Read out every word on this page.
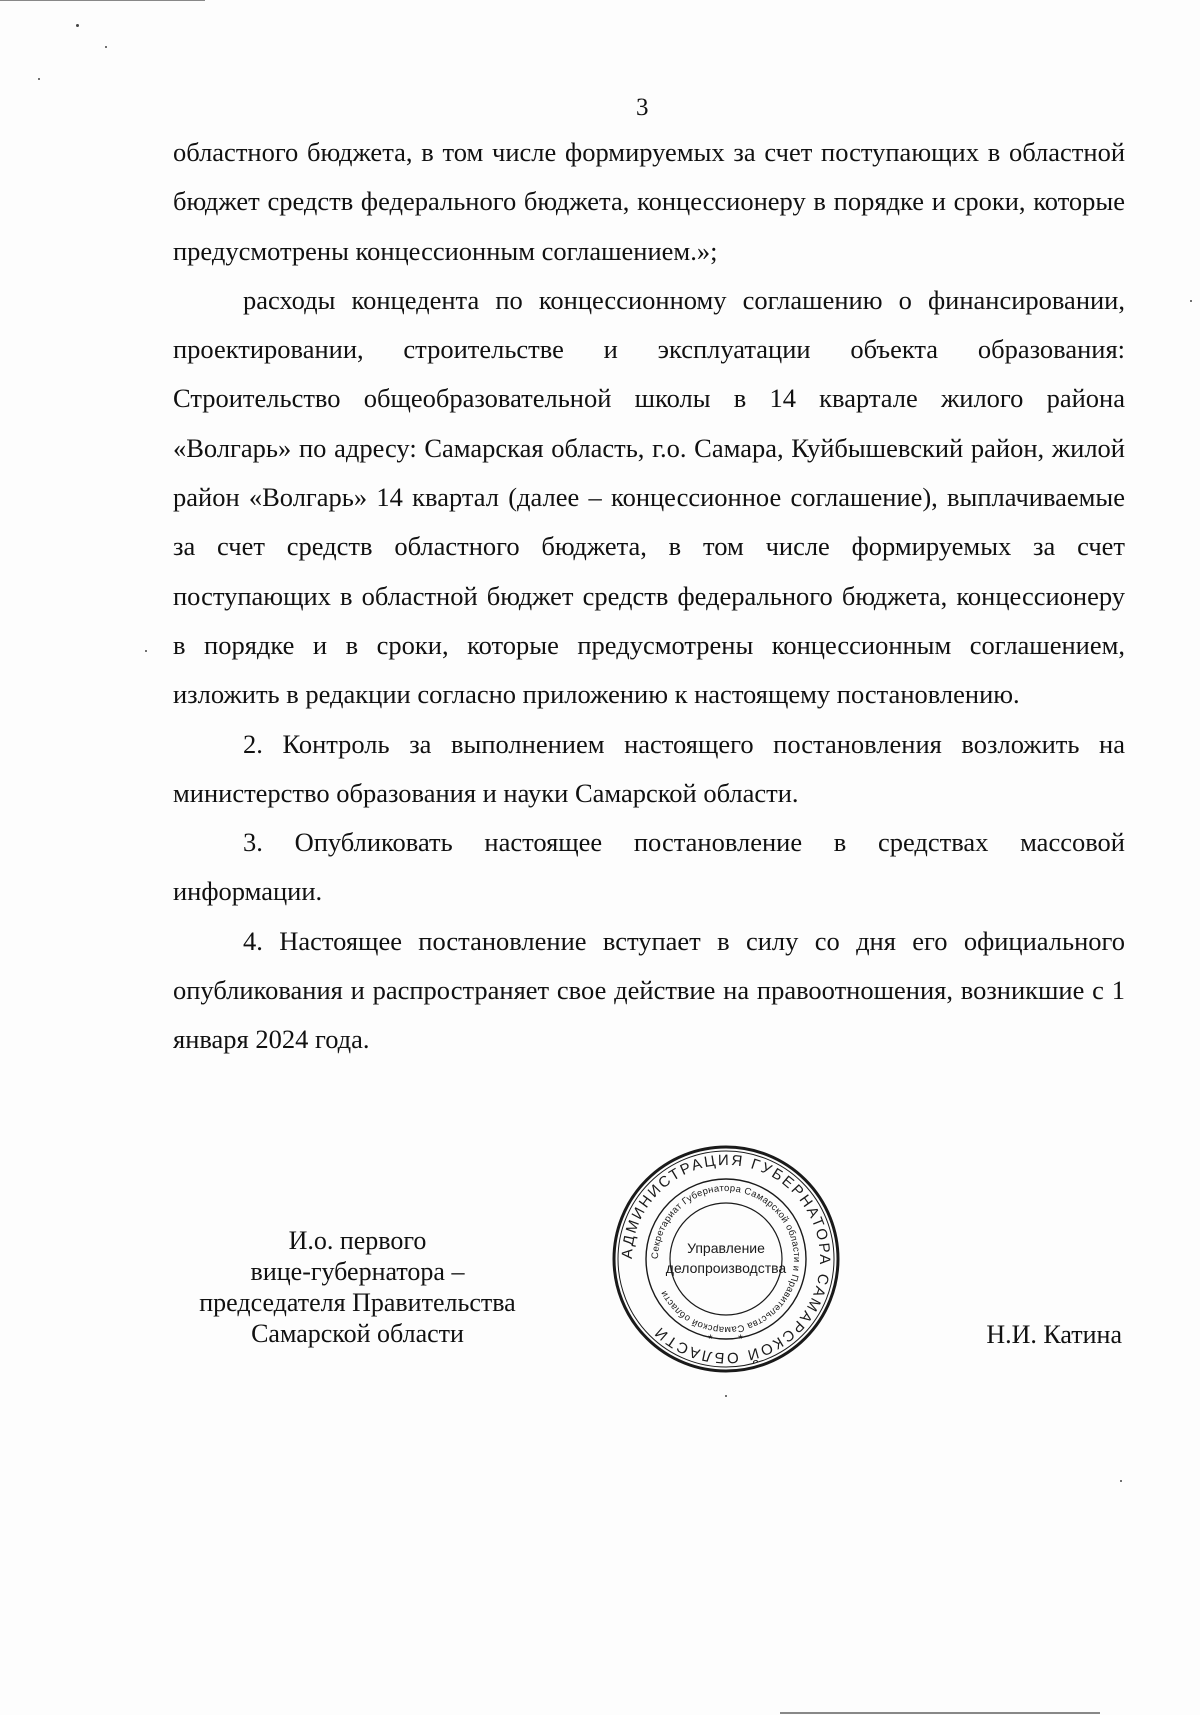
3

областного бюджета, в том числе формируемых за счет поступающих в областной бюджет средств федерального бюджета, концессионеру в порядке и сроки, которые предусмотрены концессионным соглашением.»;

расходы концедента по концессионному соглашению о финансировании, проектировании, строительстве и эксплуатации объекта образования: Строительство общеобразовательной школы в 14 квартале жилого района «Волгарь» по адресу: Самарская область, г.о. Самара, Куйбышевский район, жилой район «Волгарь» 14 квартал (далее – концессионное соглашение), выплачиваемые за счет средств областного бюджета, в том числе формируемых за счет поступающих в областной бюджет средств федерального бюджета, концессионеру в порядке и в сроки, которые предусмотрены концессионным соглашением, изложить в редакции согласно приложению к настоящему постановлению.

2. Контроль за выполнением настоящего постановления возложить на министерство образования и науки Самарской области.

3. Опубликовать настоящее постановление в средствах массовой информации.

4. Настоящее постановление вступает в силу со дня его официального опубликования и распространяет свое действие на правоотношения, возникшие с 1 января 2024 года.

И.о. первого
вице-губернатора –
председателя Правительства
Самарской области
АДМИНИСТРАЦИЯ ГУБЕРНАТОРА САМАРСКОЙ ОБЛАСТИ
Секретариат Губернатора Самарской области и Правительства Самарской области
Управление
делопроизводства
* *	Н.И. Катина
